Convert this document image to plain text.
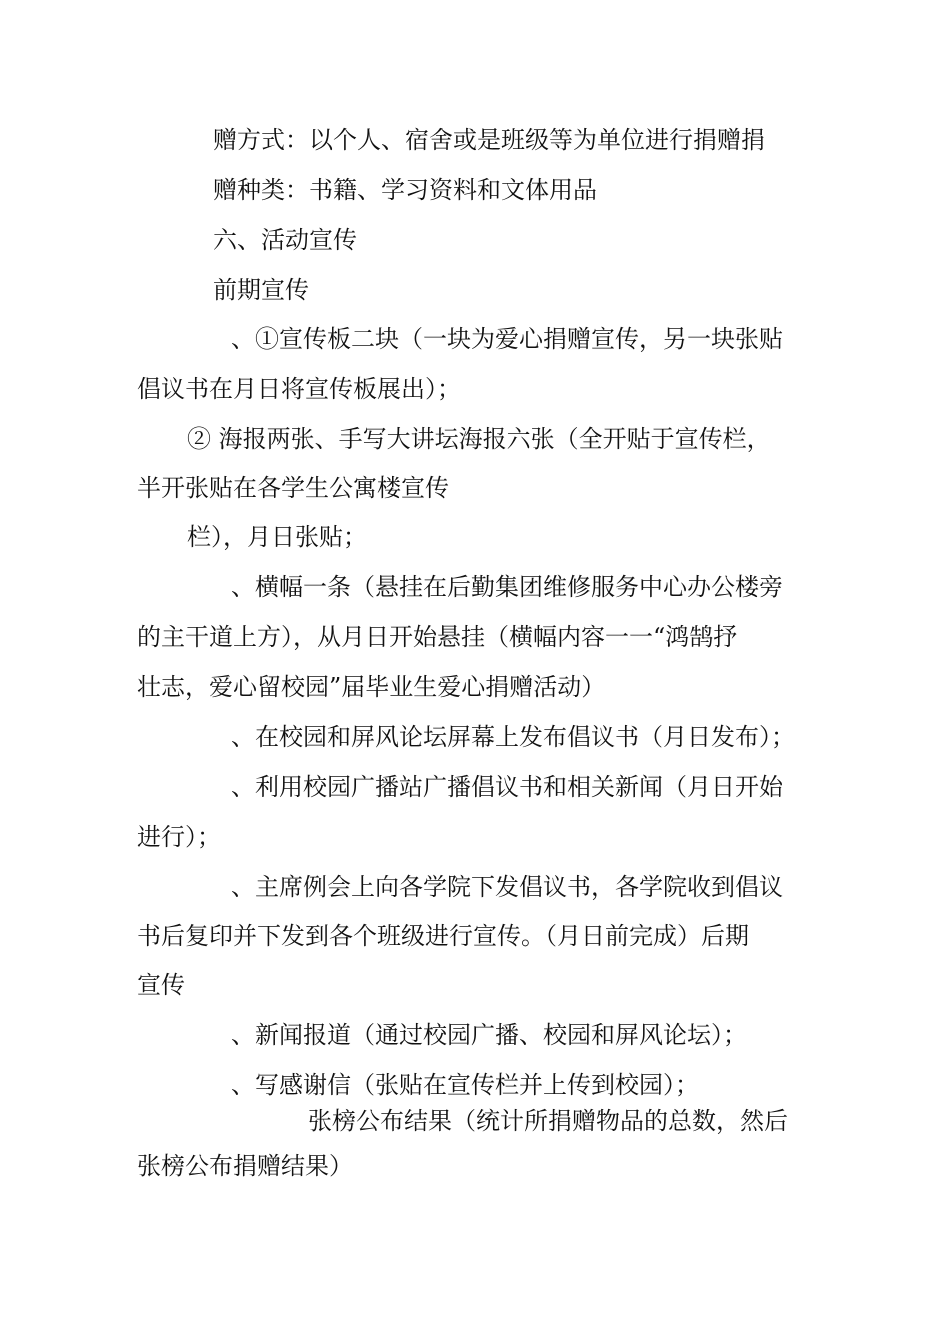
赠方式：以个人、宿舍或是班级等为单位进行捐赠捐

赠种类：书籍、学习资料和文体用品

六、活动宣传

前期宣传

、①宣传板二块（一块为爱心捐赠宣传，另一块张贴

倡议书在月日将宣传板展出）；

② 海报两张、手写大讲坛海报六张（全开贴于宣传栏，

半开张贴在各学生公寓楼宣传

栏），月日张贴；

、横幅一条（悬挂在后勤集团维修服务中心办公楼旁

的主干道上方），从月日开始悬挂（横幅内容一一“鸿鹄抒

壮志，爱心留校园”届毕业生爱心捐赠活动）

、在校园和屏风论坛屏幕上发布倡议书（月日发布）；

、利用校园广播站广播倡议书和相关新闻（月日开始

进行）；

、主席例会上向各学院下发倡议书，各学院收到倡议

书后复印并下发到各个班级进行宣传。（月日前完成）后期

宣传

、新闻报道（通过校园广播、校园和屏风论坛）；

、写感谢信（张贴在宣传栏并上传到校园）；

张榜公布结果（统计所捐赠物品的总数，然后

张榜公布捐赠结果）
